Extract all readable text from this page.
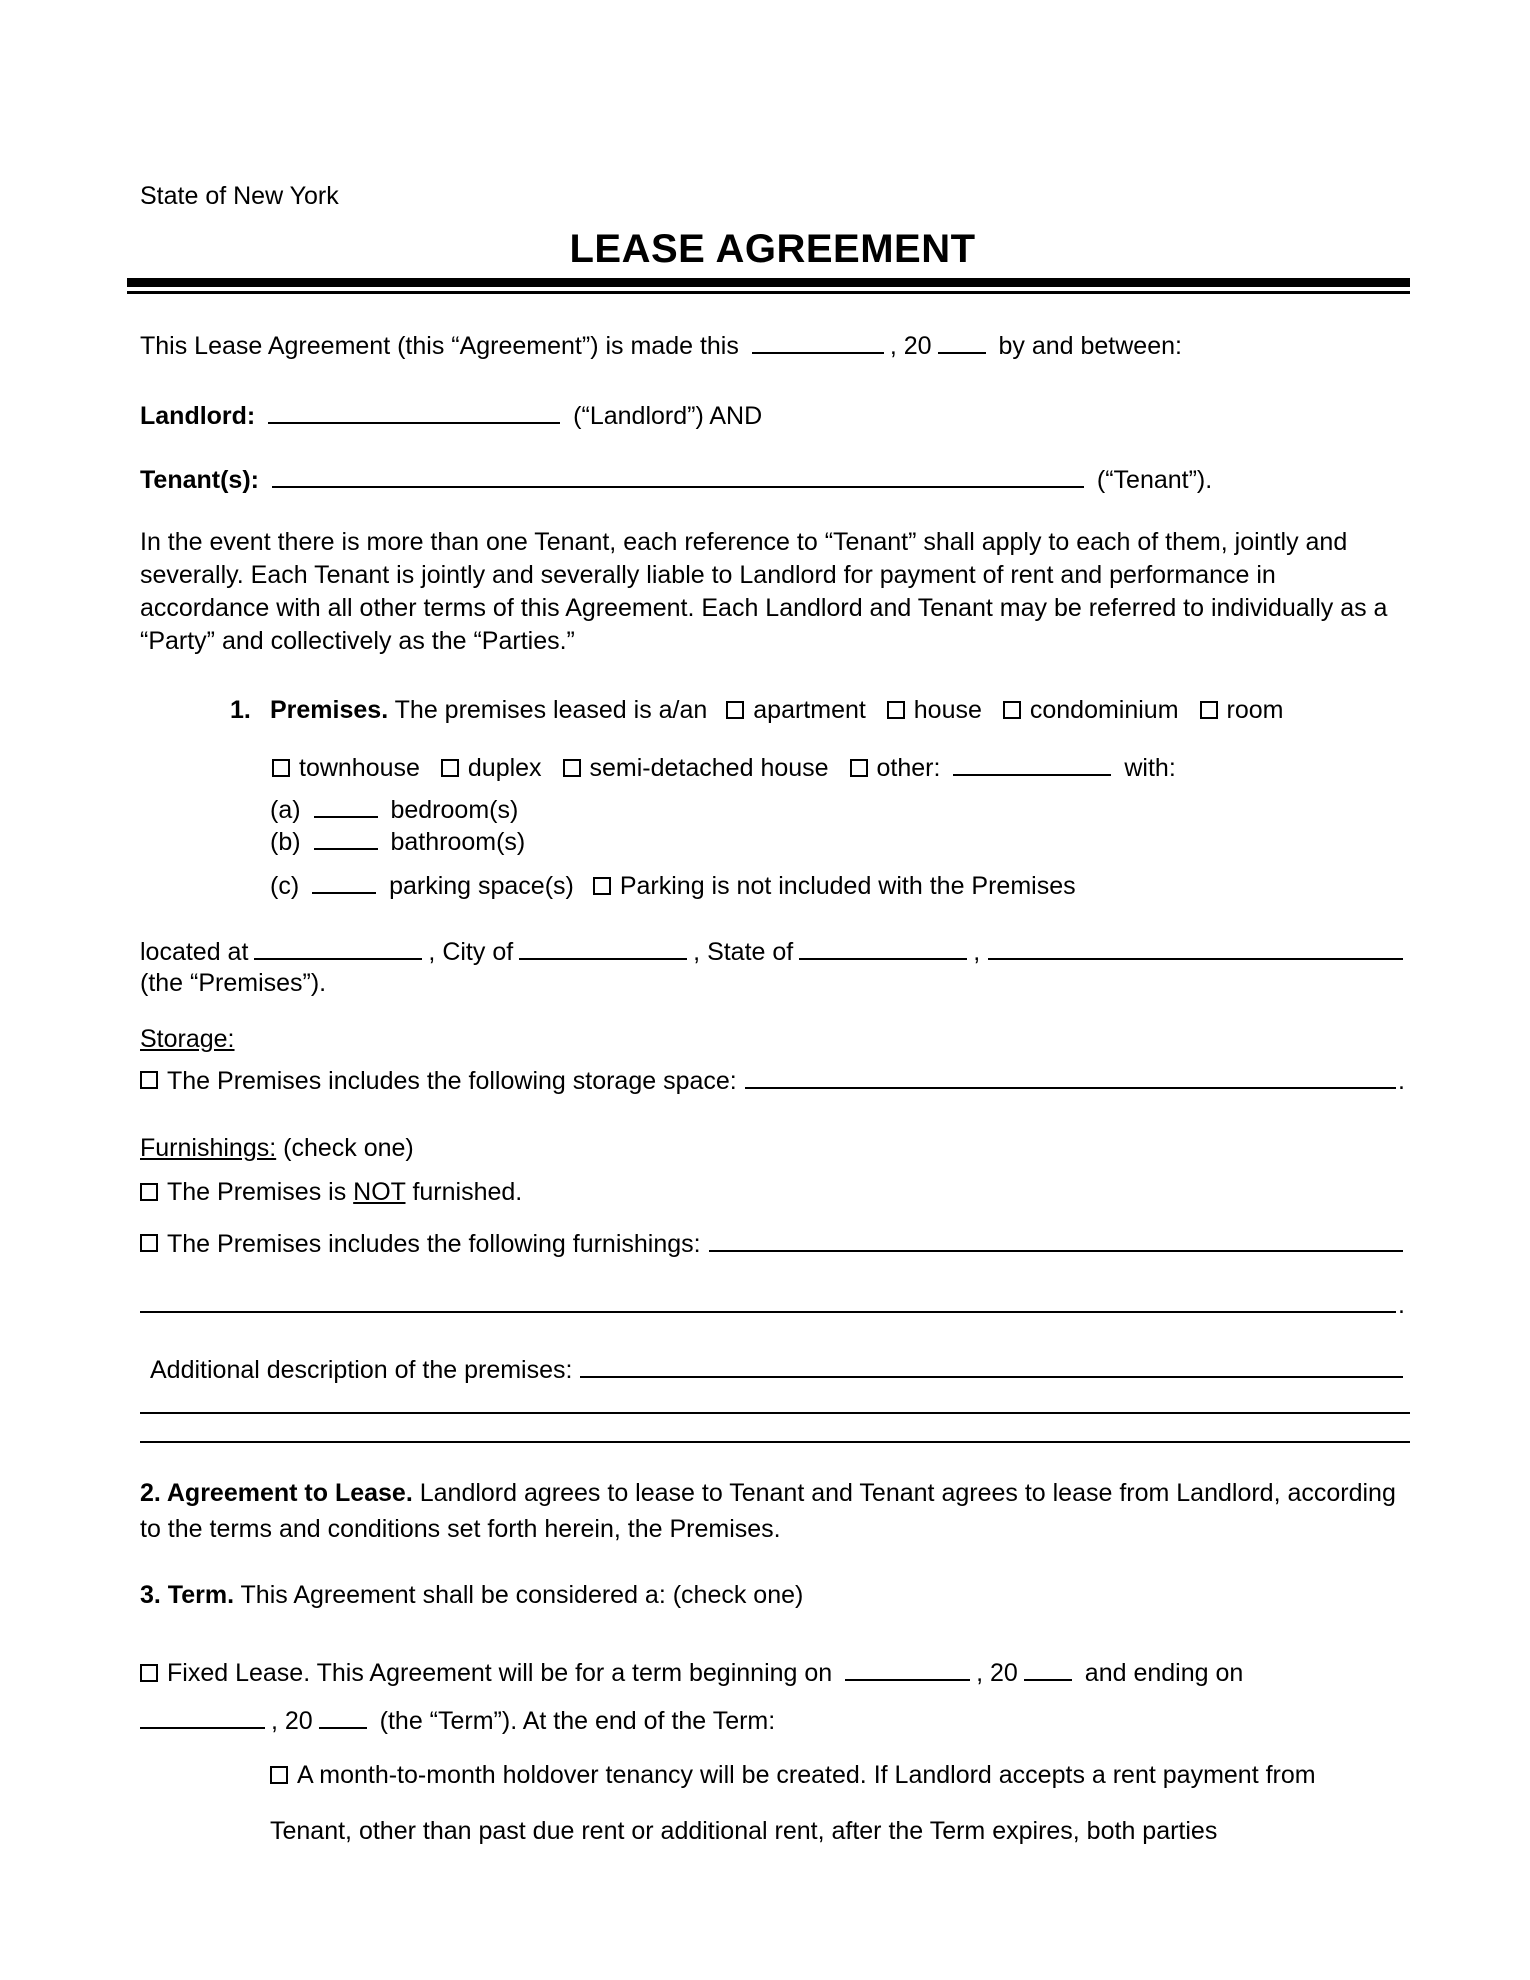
State of New York
LEASE AGREEMENT
This Lease Agreement (this “Agreement”) is made this	, 20	by and between:
Landlord:	(“Landlord”) AND
Tenant(s):	(“Tenant”).
In the event there is more than one Tenant, each reference to “Tenant” shall apply to each of them, jointly and severally. Each Tenant is jointly and severally liable to Landlord for payment of rent and performance in accordance with all other terms of this Agreement. Each Landlord and Tenant may be referred to individually as a “Party” and collectively as the “Parties.”
1. Premises. The premises leased is a/an apartment house condominium room
townhouse duplex semi-detached house other:	with:
(a)	bedroom(s)
(b)	bathroom(s)
(c)	parking space(s) Parking is not included with the Premises
located at	, City of	, State of	,
(the “Premises”).
Storage:
The Premises includes the following storage space:	.
Furnishings: (check one)
The Premises is NOT furnished.
The Premises includes the following furnishings:
.
Additional description of the premises:
2. Agreement to Lease. Landlord agrees to lease to Tenant and Tenant agrees to lease from Landlord, according to the terms and conditions set forth herein, the Premises.
3. Term. This Agreement shall be considered a: (check one)
Fixed Lease. This Agreement will be for a term beginning on	, 20	and ending on
, 20	(the “Term”). At the end of the Term:
A month-to-month holdover tenancy will be created. If Landlord accepts a rent payment from
Tenant, other than past due rent or additional rent, after the Term expires, both parties
